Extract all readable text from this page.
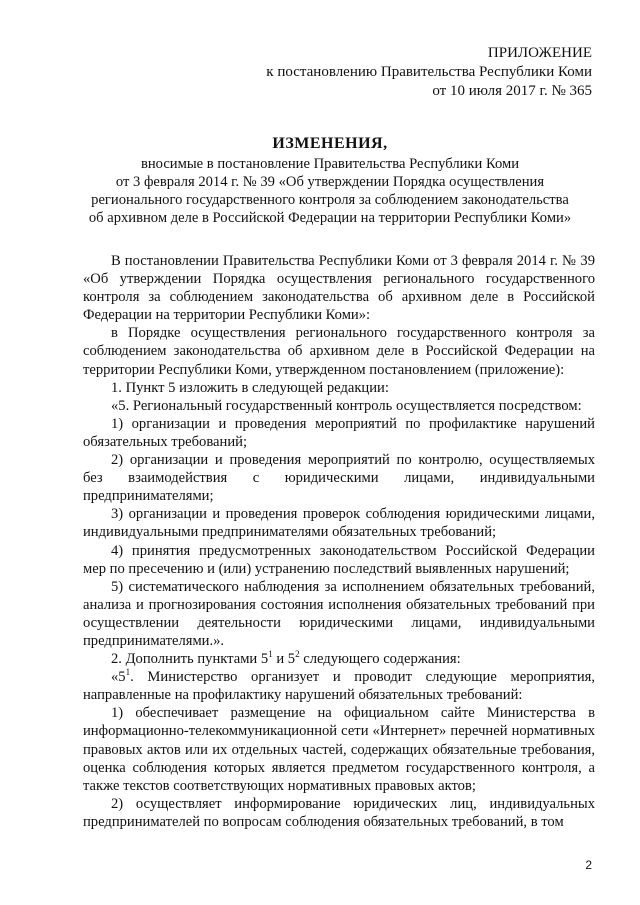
ПРИЛОЖЕНИЕ
к постановлению Правительства Республики Коми
от 10 июля 2017 г. № 365
ИЗМЕНЕНИЯ,
вносимые в постановление Правительства Республики Коми
от 3 февраля 2014 г. № 39 «Об утверждении Порядка осуществления
регионального государственного контроля за соблюдением законодательства
об архивном деле в Российской Федерации на территории Республики Коми»

В постановлении Правительства Республики Коми от 3 февраля 2014 г. № 39 «Об утверждении Порядка осуществления регионального государственного контроля за соблюдением законодательства об архивном деле в Российской Федерации на территории Республики Коми»:

в Порядке осуществления регионального государственного контроля за соблюдением законодательства об архивном деле в Российской Федерации на территории Республики Коми, утвержденном постановлением (приложение):

1. Пункт 5 изложить в следующей редакции:

«5. Региональный государственный контроль осуществляется посредством:

1) организации и проведения мероприятий по профилактике нарушений обязательных требований;

2) организации и проведения мероприятий по контролю, осуществляемых без взаимодействия с юридическими лицами, индивидуальными предпринимателями;

3) организации и проведения проверок соблюдения юридическими лицами, индивидуальными предпринимателями обязательных требований;

4) принятия предусмотренных законодательством Российской Федерации мер по пресечению и (или) устранению последствий выявленных нарушений;

5) систематического наблюдения за исполнением обязательных требований, анализа и прогнозирования состояния исполнения обязательных требований при осуществлении деятельности юридическими лицами, индивидуальными предпринимателями.».

2. Дополнить пунктами $5^1$ и $5^2$ следующего содержания:

«$5^1$. Министерство организует и проводит следующие мероприятия, направленные на профилактику нарушений обязательных требований:

1) обеспечивает размещение на официальном сайте Министерства в информационно-телекоммуникационной сети «Интернет» перечней нормативных правовых актов или их отдельных частей, содержащих обязательные требования, оценка соблюдения которых является предметом государственного контроля, а также текстов соответствующих нормативных правовых актов;

2) осуществляет информирование юридических лиц, индивидуальных предпринимателей по вопросам соблюдения обязательных требований, в том

2
